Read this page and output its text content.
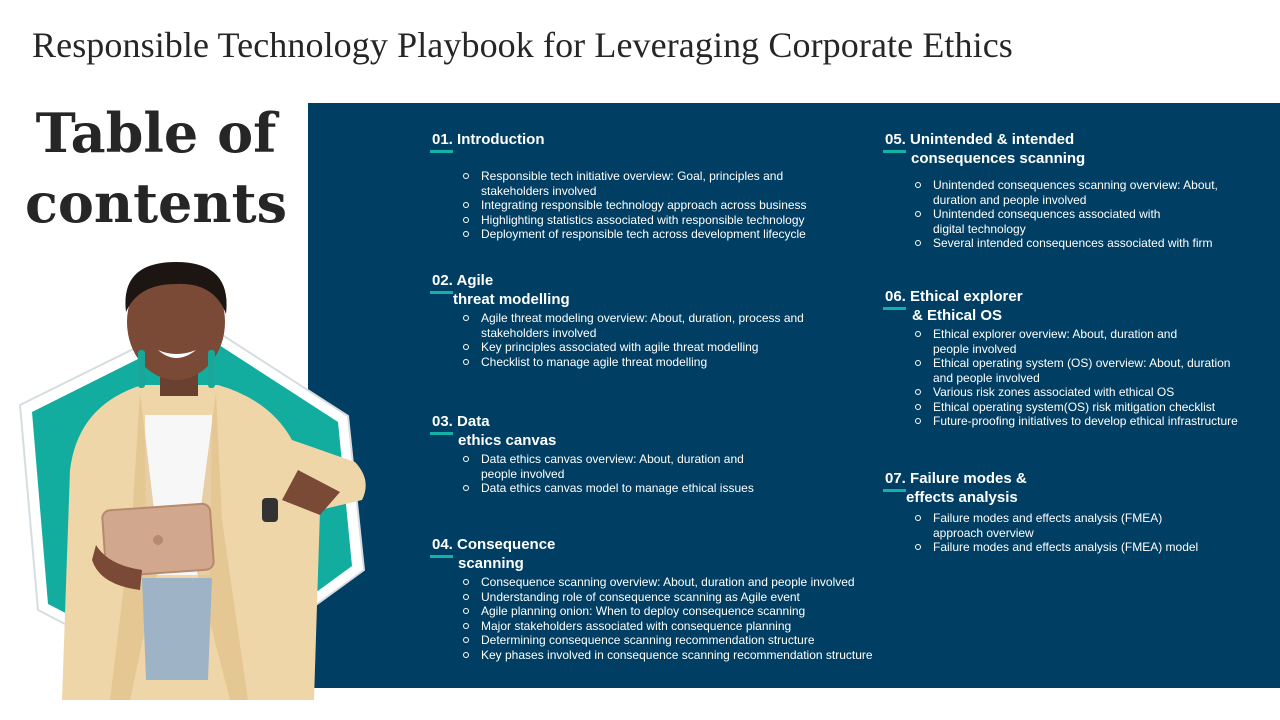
Responsible Technology Playbook for Leveraging Corporate Ethics
Table of
contents
01. Introduction
Responsible tech initiative overview: Goal, principles and
stakeholders involved
Integrating responsible technology approach across business
Highlighting statistics associated with responsible technology
Deployment of responsible tech across development lifecycle
02. Agile
threat modelling
Agile threat modeling overview: About, duration, process and
stakeholders involved
Key principles associated with agile threat modelling
Checklist to manage agile threat modelling
03. Data
ethics canvas
Data ethics canvas overview: About, duration and
people involved
Data ethics canvas model to manage ethical issues
04. Consequence
scanning
Consequence scanning overview: About, duration and people involved
Understanding role of consequence scanning as Agile event
Agile planning onion: When to deploy consequence scanning
Major stakeholders associated with consequence planning
Determining consequence scanning recommendation structure
Key phases involved in consequence scanning recommendation structure
05. Unintended & intended
consequences scanning
Unintended consequences scanning overview: About,
duration and people involved
Unintended consequences associated with
digital technology
Several intended consequences associated with firm
06. Ethical explorer
& Ethical OS
Ethical explorer overview: About, duration and
people involved
Ethical operating system (OS) overview: About, duration
and people involved
Various risk zones associated with ethical OS
Ethical operating system(OS) risk mitigation checklist
Future-proofing initiatives to develop ethical infrastructure
07. Failure modes &
effects analysis
Failure modes and effects analysis (FMEA)
approach overview
Failure modes and effects analysis (FMEA) model
